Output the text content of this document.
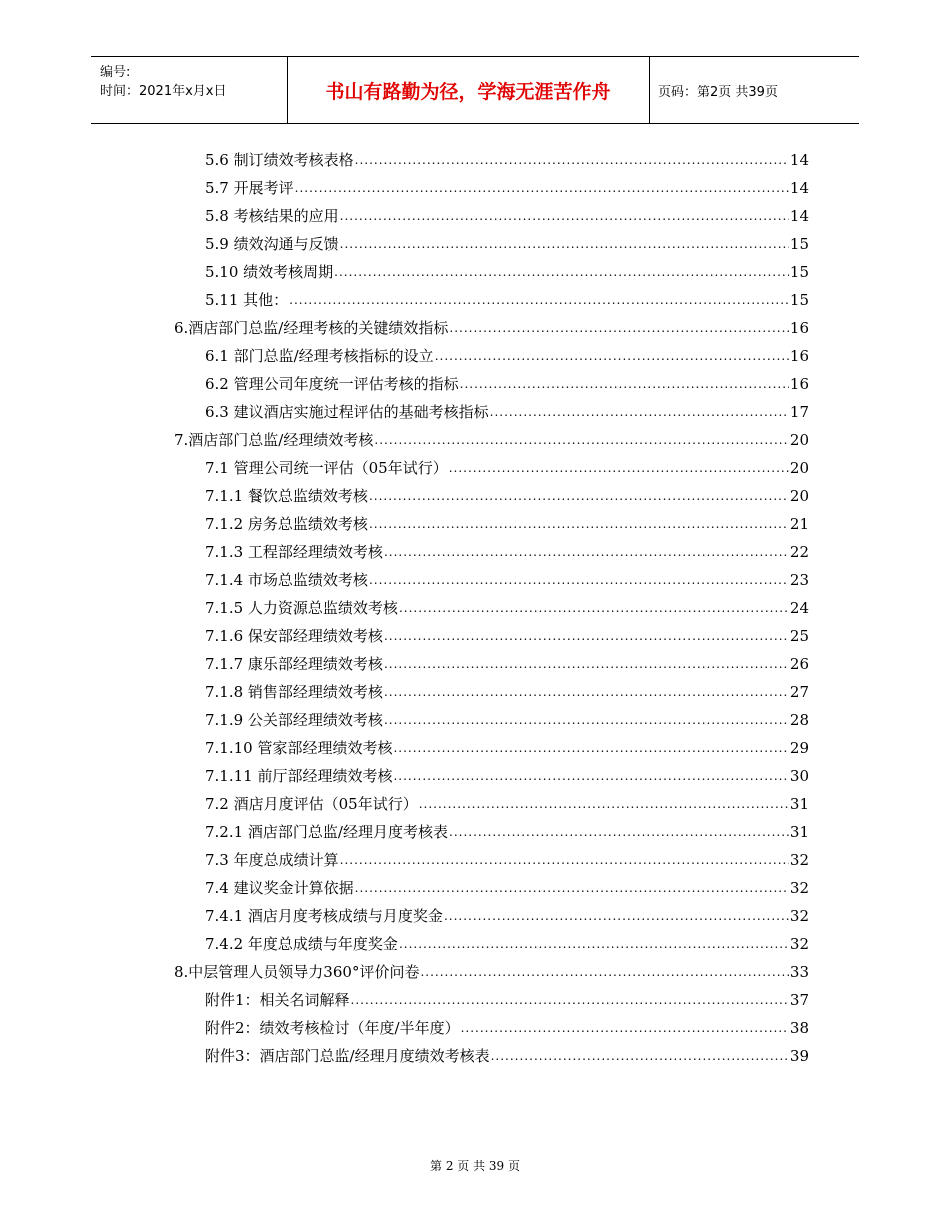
编号:
时间：2021年x月x日	书山有路勤为径，学海无涯苦作舟	页码：第2页 共39页
5.6 制订绩效考核表格 .....	14
5.7 开展考评 .....	14
5.8 考核结果的应用 .....	14
5.9 绩效沟通与反馈 .....	15
5.10 绩效考核周期 .....	15
5.11 其他： .....	15
6.酒店部门总监/经理考核的关键绩效指标 .....	16
6.1 部门总监/经理考核指标的设立 .....	16
6.2 管理公司年度统一评估考核的指标 .....	16
6.3 建议酒店实施过程评估的基础考核指标 .....	17
7.酒店部门总监/经理绩效考核 .....	20
7.1 管理公司统一评估（05年试行） .....	20
7.1.1 餐饮总监绩效考核 .....	20
7.1.2 房务总监绩效考核 .....	21
7.1.3 工程部经理绩效考核 .....	22
7.1.4 市场总监绩效考核 .....	23
7.1.5 人力资源总监绩效考核 .....	24
7.1.6 保安部经理绩效考核 .....	25
7.1.7 康乐部经理绩效考核 .....	26
7.1.8 销售部经理绩效考核 .....	27
7.1.9 公关部经理绩效考核 .....	28
7.1.10 管家部经理绩效考核 .....	29
7.1.11 前厅部经理绩效考核 .....	30
7.2 酒店月度评估（05年试行） .....	31
7.2.1 酒店部门总监/经理月度考核表 .....	31
7.3 年度总成绩计算 .....	32
7.4 建议奖金计算依据 .....	32
7.4.1 酒店月度考核成绩与月度奖金 .....	32
7.4.2 年度总成绩与年度奖金 .....	32
8.中层管理人员领导力360°评价问卷 .....	33
附件1：相关名词解释 .....	37
附件2：绩效考核检讨（年度/半年度） .....	38
附件3：酒店部门总监/经理月度绩效考核表 .....	39
第 2 页 共 39 页
